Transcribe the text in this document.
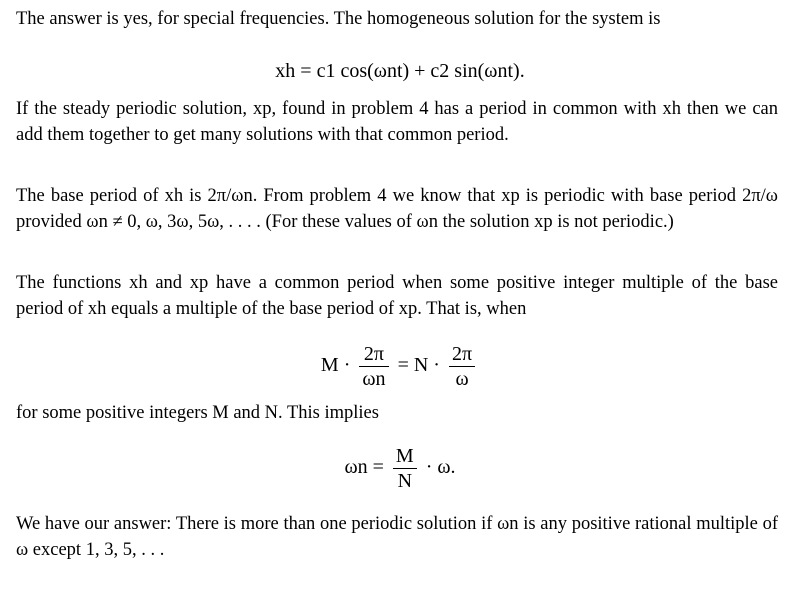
The answer is yes, for special frequencies. The homogeneous solution for the system is

xh = c1 cos(ωnt) + c2 sin(ωnt).

If the steady periodic solution, xp, found in problem 4 has a period in common with xh then we can add them together to get many solutions with that common period.

The base period of xh is 2π/ωn. From problem 4 we know that xp is periodic with base period 2π/ω provided ωn ≠ 0, ω, 3ω, 5ω, . . . . (For these values of ωn the solution xp is not periodic.)

The functions xh and xp have a common period when some positive integer multiple of the base period of xh equals a multiple of the base period of xp. That is, when

$M \cdot \frac{2\pi}{\omega n} = N \cdot \frac{2\pi}{\omega}$

for some positive integers M and N. This implies

$\omega n = \frac{M}{N} \cdot \omega$.

We have our answer: There is more than one periodic solution if ωn is any positive rational multiple of ω except 1, 3, 5, . . .
